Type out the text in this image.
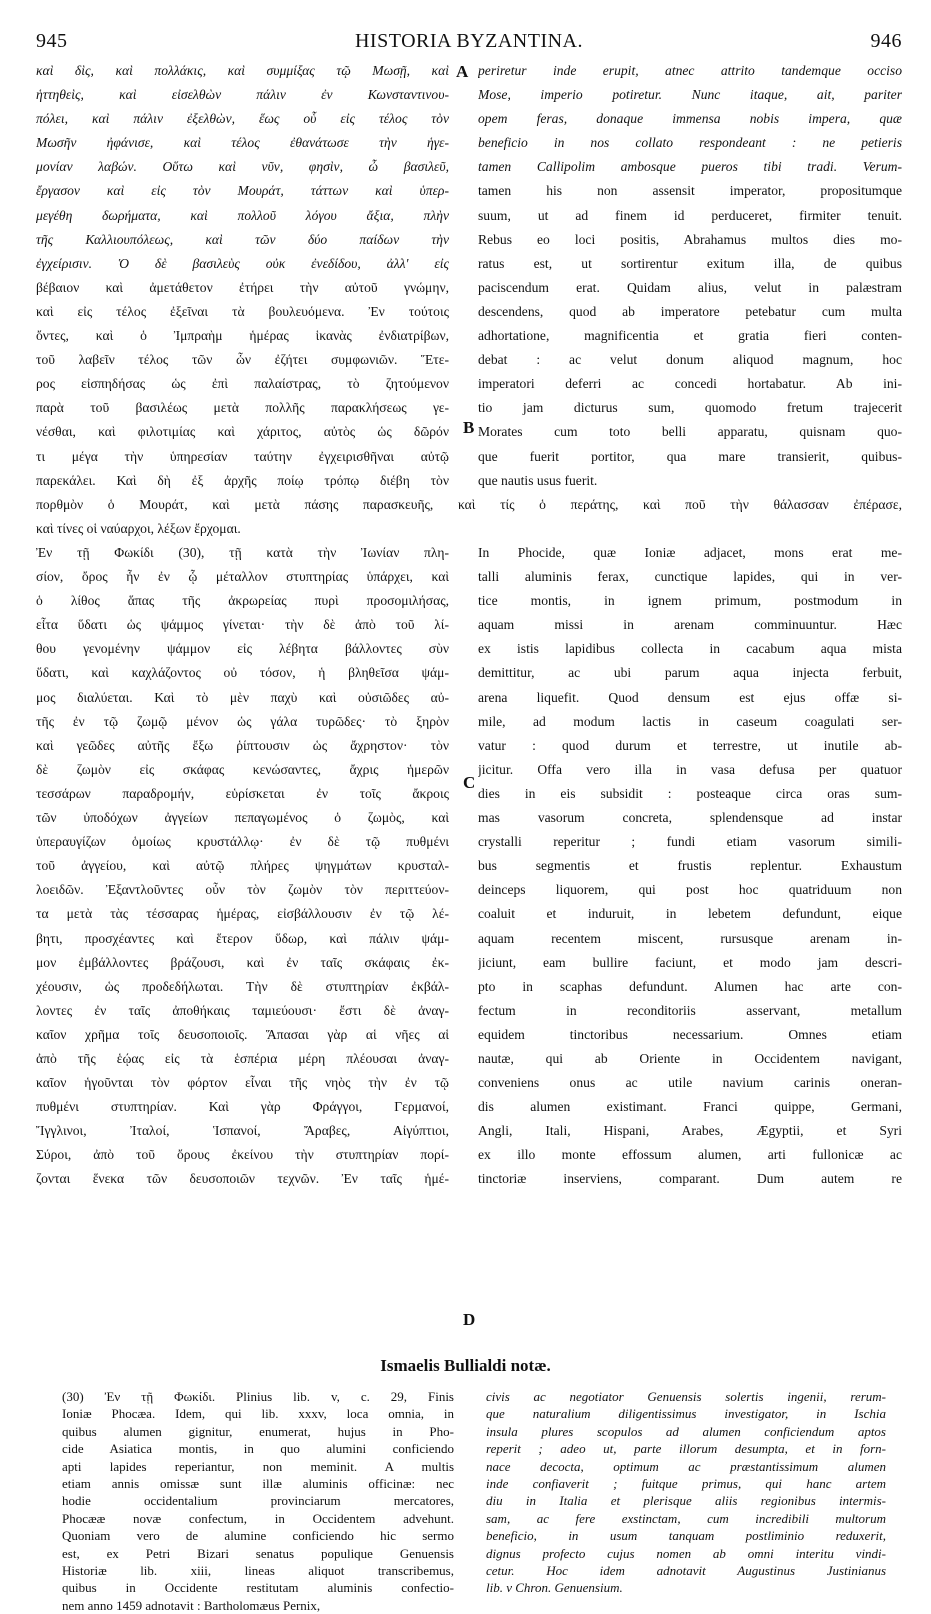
945	HISTORIA BYZANTINA.	946
καὶ δὶς, καὶ πολλάκις, καὶ συμμίξας τῷ Μωσῇ, καὶ
ἡττηθεὶς, καὶ εἰσελθὼν πάλιν ἐν Κωνσταντινου-
πόλει, καὶ πάλιν ἐξελθὼν, ἕως οὗ εἰς τέλος τὸν
Μωσῆν ἠφάνισε, καὶ τέλος ἐθανάτωσε τὴν ἡγε-
μονίαν λαβών. Οὕτω καὶ νῦν, φησὶν, ὦ βασιλεῦ,
ἔργασον καὶ εἰς τὸν Μουράτ, τάττων καὶ ὑπερ-
μεγέθη δωρήματα, καὶ πολλοῦ λόγου ἄξια, πλὴν
τῆς Καλλιουπόλεως, καὶ τῶν δύο παίδων τὴν
ἐγχείρισιν. Ὁ δὲ βασιλεὺς οὐκ ἐνεδίδου, ἀλλ' εἰς
βέβαιον καὶ ἀμετάθετον ἐτήρει τὴν αὐτοῦ γνώμην,
καὶ εἰς τέλος ἐξεῖναι τὰ βουλευόμενα. Ἐν τούτοις
ὄντες, καὶ ὁ Ἰμπραὴμ ἡμέρας ἱκανὰς ἐνδιατρίβων,
τοῦ λαβεῖν τέλος τῶν ὧν ἐζήτει συμφωνιῶν. Ἕτε-
ρος εἰσπηδήσας ὡς ἐπὶ παλαίστρας, τὸ ζητούμενον
παρὰ τοῦ βασιλέως μετὰ πολλῆς παρακλήσεως γε-
νέσθαι, καὶ φιλοτιμίας καὶ χάριτος, αὐτὸς ὡς δῶρόν
τι μέγα τὴν ὑπηρεσίαν ταύτην ἐγχειρισθῆναι αὐτῷ
παρεκάλει. Καὶ δὴ ἐξ ἀρχῆς ποίῳ τρόπῳ διέβη τὸν
periretur inde erupit, atnec attrito tandemque occiso
Mose, imperio potiretur. Nunc itaque, ait, pariter
opem feras, donaque immensa nobis impera, quæ
beneficio in nos collato respondeant : ne petieris
tamen Callipolim ambosque pueros tibi tradi. Verum-
tamen his non assensit imperator, propositumque
suum, ut ad finem id perduceret, firmiter tenuit.
Rebus eo loci positis, Abrahamus multos dies mo-
ratus est, ut sortirentur exitum illa, de quibus
paciscendum erat. Quidam alius, velut in palæstram
descendens, quod ab imperatore petebatur cum multa
adhortatione, magnificentia et gratia fieri conten-
debat : ac velut donum aliquod magnum, hoc
imperatori deferri ac concedi hortabatur. Ab ini-
tio jam dicturus sum, quomodo fretum trajecerit
Morates cum toto belli apparatu, quisnam quo-
que fuerit portitor, qua mare transierit, quibus-
que nautis usus fuerit.
A
B
C
D
πορθμὸν ὁ Μουράτ, καὶ μετὰ πάσης παρασκευῆς, καὶ τίς ὁ περάτης, καὶ ποῦ τὴν θάλασσαν ἐπέρασε,
καὶ τίνες οἱ ναύαρχοι, λέξων ἔρχομαι.
Ἐν τῇ Φωκίδι (30), τῇ κατὰ τὴν Ἰωνίαν πλη-
σίον, ὄρος ἦν ἐν ᾧ μέταλλον στυπτηρίας ὑπάρχει, καὶ
ὁ λίθος ἅπας τῆς ἀκρωρείας πυρὶ προσομιλήσας,
εἶτα ὕδατι ὡς ψάμμος γίνεται· τὴν δὲ ἀπὸ τοῦ λί-
θου γενομένην ψάμμον εἰς λέβητα βάλλοντες σὺν
ὕδατι, καὶ καχλάζοντος οὐ τόσον, ἡ βληθεῖσα ψάμ-
μος διαλύεται. Καὶ τὸ μὲν παχὺ καὶ οὐσιῶδες αὐ-
τῆς ἐν τῷ ζωμῷ μένον ὡς γάλα τυρῶδες· τὸ ξηρὸν
καὶ γεῶδες αὐτῆς ἔξω ῥίπτουσιν ὡς ἄχρηστον· τὸν
δὲ ζωμὸν εἰς σκάφας κενώσαντες, ἄχρις ἡμερῶν
τεσσάρων παραδρομήν, εὑρίσκεται ἐν τοῖς ἄκροις
τῶν ὑποδόχων ἀγγείων πεπαγωμένος ὁ ζωμὸς, καὶ
ὑπεραυγίζων ὁμοίως κρυστάλλῳ· ἐν δὲ τῷ πυθμένι
τοῦ ἀγγείου, καὶ αὐτῷ πλήρες ψηγμάτων κρυσταλ-
λοειδῶν. Ἐξαντλοῦντες οὖν τὸν ζωμὸν τὸν περιττεύον-
τα μετὰ τὰς τέσσαρας ἡμέρας, εἰσβάλλουσιν ἐν τῷ λέ-
βητι, προσχέαντες καὶ ἕτερον ὕδωρ, καὶ πάλιν ψάμ-
μον ἐμβάλλοντες βράζουσι, καὶ ἐν ταῖς σκάφαις ἐκ-
χέουσιν, ὡς προδεδήλωται. Τὴν δὲ στυπτηρίαν ἐκβάλ-
λοντες ἐν ταῖς ἀποθήκαις ταμιεύουσι· ἔστι δὲ ἀναγ-
καῖον χρῆμα τοῖς δευσοποιοῖς. Ἅπασαι γὰρ αἱ νῆες αἱ
ἀπὸ τῆς ἑῴας εἰς τὰ ἑσπέρια μέρη πλέουσαι ἀναγ-
καῖον ἡγοῦνται τὸν φόρτον εἶναι τῆς νηὸς τὴν ἐν τῷ
πυθμένι στυπτηρίαν. Καὶ γὰρ Φράγγοι, Γερμανοί,
Ἴγγλινοι, Ἰταλοί, Ἱσπανοί, Ἄραβες, Αἰγύπτιοι,
Σύροι, ἀπὸ τοῦ ὄρους ἐκείνου τὴν στυπτηρίαν πορί-
ζονται ἕνεκα τῶν δευσοποιῶν τεχνῶν. Ἐν ταῖς ἡμέ-
In Phocide, quæ Ioniæ adjacet, mons erat me-
talli aluminis ferax, cunctique lapides, qui in ver-
tice montis, in ignem primum, postmodum in
aquam missi in arenam comminuuntur. Hæc
ex istis lapidibus collecta in cacabum aqua mista
demittitur, ac ubi parum aqua injecta ferbuit,
arena liquefit. Quod densum est ejus offæ si-
mile, ad modum lactis in caseum coagulati ser-
vatur : quod durum et terrestre, ut inutile ab-
jicitur. Offa vero illa in vasa defusa per quatuor
dies in eis subsidit : posteaque circa oras sum-
mas vasorum concreta, splendensque ad instar
crystalli reperitur ; fundi etiam vasorum simili-
bus segmentis et frustis replentur. Exhaustum
deinceps liquorem, qui post hoc quatriduum non
coaluit et induruit, in lebetem defundunt, eique
aquam recentem miscent, rursusque arenam in-
jiciunt, eam bullire faciunt, et modo jam descri-
pto in scaphas defundunt. Alumen hac arte con-
fectum in reconditoriis asservant, metallum
equidem tinctoribus necessarium. Omnes etiam
nautæ, qui ab Oriente in Occidentem navigant,
conveniens onus ac utile navium carinis oneran-
dis alumen existimant. Franci quippe, Germani,
Angli, Itali, Hispani, Arabes, Ægyptii, et Syri
ex illo monte effossum alumen, arti fullonicæ ac
tinctoriæ inserviens, comparant. Dum autem re
Ismaelis Bullialdi notæ.
(30) Ἐν τῇ Φωκίδι. Plinius lib. v, c. 29, Finis
Ioniæ Phocæa. Idem, qui lib. xxxv, loca omnia, in
quibus alumen gignitur, enumerat, hujus in Pho-
cide Asiatica montis, in quo alumini conficiendo
apti lapides reperiantur, non meminit. A multis
etiam annis omissæ sunt illæ aluminis officinæ: nec
hodie occidentalium provinciarum mercatores,
Phocææ novæ confectum, in Occidentem advehunt.
Quoniam vero de alumine conficiendo hic sermo
est, ex Petri Bizari senatus populique Genuensis
Historiæ lib. xiii, lineas aliquot transcribemus,
quibus in Occidente restitutam aluminis confectio-
nem anno 1459 adnotavit : Bartholomæus Pernix,
civis ac negotiator Genuensis solertis ingenii, rerum-
que naturalium diligentissimus investigator, in Ischia
insula plures scopulos ad alumen conficiendum aptos
reperit ; adeo ut, parte illorum desumpta, et in forn-
nace decocta, optimum ac præstantissimum alumen
inde confiaverit ; fuitque primus, qui hanc artem
diu in Italia et plerisque aliis regionibus intermis-
sam, ac fere exstinctam, cum incredibili multorum
beneficio, in usum tanquam postliminio reduxerit,
dignus profecto cujus nomen ab omni interitu vindi-
cetur. Hoc idem adnotavit Augustinus Justinianus
lib. v Chron. Genuensium.
